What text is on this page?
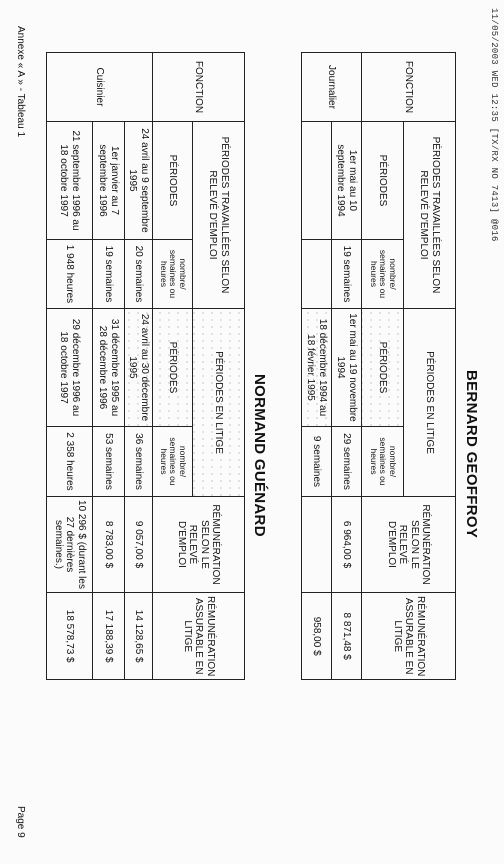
11/05/2003 WED 12:35 [TX/RX NO 7413] @016
BERNARD GEOFFROY
FONCTION	PÉRIODES TRAVAILLÉES SELON RELEVÉ D'EMPLOI		PÉRIODES EN LITIGE		RÉMUNÉRATION SELON LE RELEVÉ D'EMPLOI	RÉMUNÉRATION ASSURABLE EN LITIGE
	PÉRIODES	nombre/ semaines ou heures	PÉRIODES	nombre/ semaines ou heures		
Journalier	1er mai au 10 septembre 1994	19 semaines	1er mai au 19 novembre 1994	29 semaines	6 964,00 $	8 871,48 $
			18 décembre 1994 au 18 février 1995	9 semaines		958,00 $
NORMAND GUÉNARD
FONCTION	PÉRIODES TRAVAILLÉES SELON RELEVÉ D'EMPLOI		PÉRIODES EN LITIGE		RÉMUNÉRATION SELON LE RELEVÉ D'EMPLOI	RÉMUNÉRATION ASSURABLE EN LITIGE
	PÉRIODES	nombre/ semaines ou heures	PÉRIODES	nombre/ semaines ou heures		
Cuisinier	24 avril au 9 septembre 1995	20 semaines	24 avril au 30 décembre 1995	36 semaines	9 057,00 $	14 128,65 $
	1er janvier au 7 septembre 1996	19 semaines	31 décembre 1995 au 28 décembre 1996	53 semaines	8 783,00 $	17 188,39 $
	21 septembre 1996 au 18 octobre 1997	1 948 heures	29 décembre 1996 au 18 octobre 1997	2 358 heures	10 296 $ (durant les 27 dernières semaines.)	18 578,73 $
Annexe « A » - Tableau 1
Page 9
